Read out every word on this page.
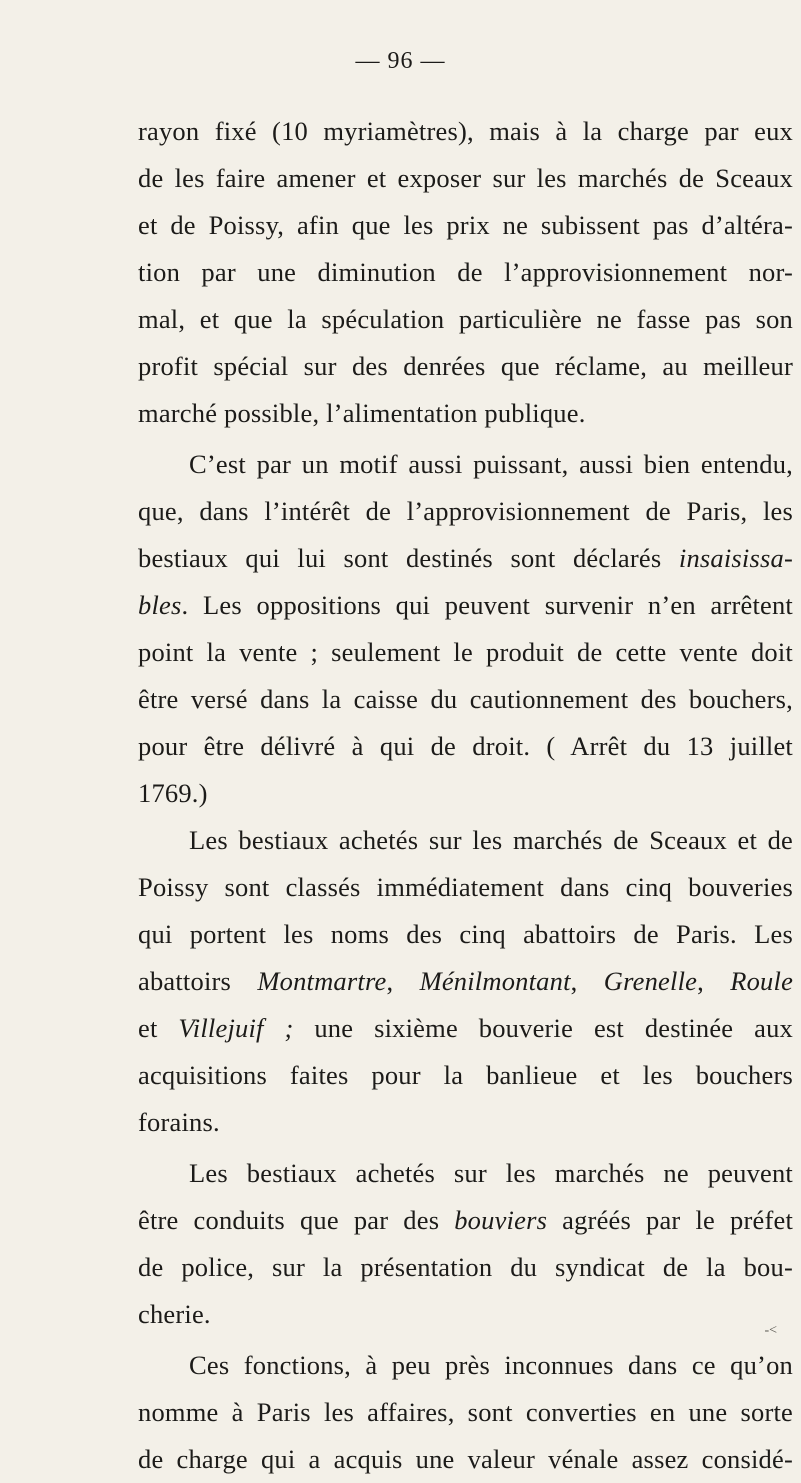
— 96 —
rayon fixé (10 myriamètres), mais à la charge par eux
de les faire amener et exposer sur les marchés de Sceaux
et de Poissy, afin que les prix ne subissent pas d’altéra-
tion par une diminution de l’approvisionnement nor-
mal, et que la spéculation particulière ne fasse pas son
profit spécial sur des denrées que réclame, au meilleur
marché possible, l’alimentation publique.
C’est par un motif aussi puissant, aussi bien entendu,
que, dans l’intérêt de l’approvisionnement de Paris, les
bestiaux qui lui sont destinés sont déclarés insaisissa-
bles. Les oppositions qui peuvent survenir n’en arrêtent
point la vente ; seulement le produit de cette vente doit
être versé dans la caisse du cautionnement des bouchers,
pour être délivré à qui de droit. ( Arrêt du 13 juillet
1769.)
Les bestiaux achetés sur les marchés de Sceaux et de
Poissy sont classés immédiatement dans cinq bouveries
qui portent les noms des cinq abattoirs de Paris. Les
abattoirs Montmartre, Ménilmontant, Grenelle, Roule
et Villejuif ; une sixième bouverie est destinée aux
acquisitions faites pour la banlieue et les bouchers
forains.
Les bestiaux achetés sur les marchés ne peuvent
être conduits que par des bouviers agréés par le préfet
de police, sur la présentation du syndicat de la bou-
cherie.
Ces fonctions, à peu près inconnues dans ce qu’on
nomme à Paris les affaires, sont converties en une sorte
de charge qui a acquis une valeur vénale assez considé-
-<
